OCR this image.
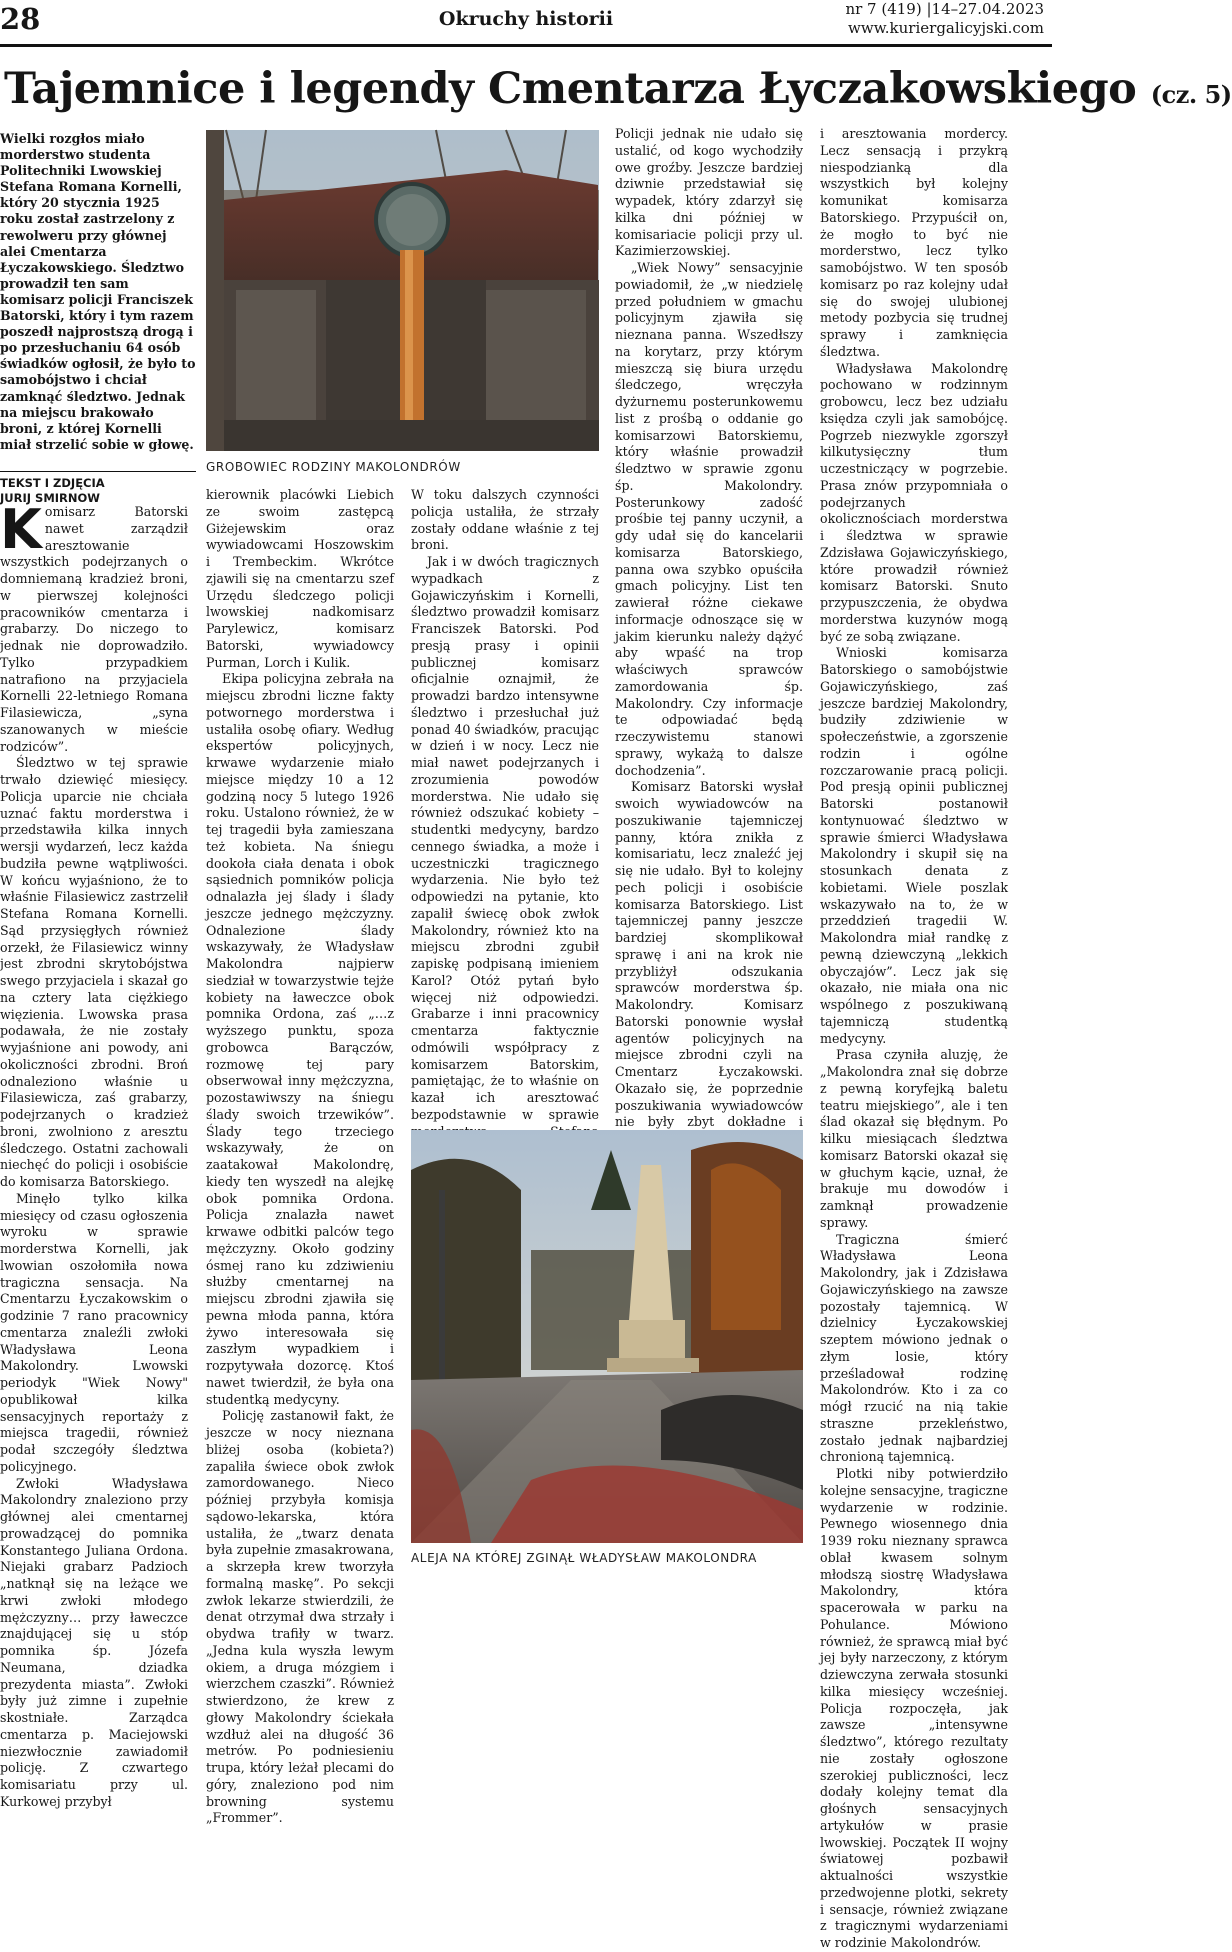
28	Okruchy historii	nr 7 (419) |14–27.04.2023
www.kuriergalicyjski.com
Tajemnice i legendy Cmentarza Łyczakowskiego (cz. 5)
Wielki rozgłos miało morderstwo studenta Politechniki Lwowskiej Stefana Romana Kornelli, który 20 stycznia 1925 roku został zastrzelony z rewolweru przy głównej alei Cmentarza Łyczakowskiego. Śledztwo prowadził ten sam komisarz policji Franciszek Batorski, który i tym razem poszedł najprostszą drogą i po przesłuchaniu 64 osób świadków ogłosił, że było to samobójstwo i chciał zamknąć śledztwo. Jednak na miejscu brakowało broni, z której Kornelli miał strzelić sobie w głowę.
TEKST I ZDJĘCIA
JURIJ SMIRNOW
GROBOWIEC RODZINY MAKOLONDRÓW

Komisarz Batorski nawet zarządził aresztowanie wszystkich podejrzanych o domniemaną kradzież broni, w pierwszej kolejności pracowników cmentarza i grabarzy. Do niczego to jednak nie doprowadziło. Tylko przypadkiem natrafiono na przyjaciela Kornelli 22-letniego Romana Filasiewicza, „syna szanowanych w mieście rodziców”.

Śledztwo w tej sprawie trwało dziewięć miesięcy. Policja uparcie nie chciała uznać faktu morderstwa i przedstawiła kilka innych wersji wydarzeń, lecz każda budziła pewne wątpliwości. W końcu wyjaśniono, że to właśnie Filasiewicz zastrzelił Stefana Romana Kornelli. Sąd przysięgłych również orzekł, że Filasiewicz winny jest zbrodni skrytobójstwa swego przyjaciela i skazał go na cztery lata ciężkiego więzienia. Lwowska prasa podawała, że nie zostały wyjaśnione ani powody, ani okoliczności zbrodni. Broń odnaleziono właśnie u Filasiewicza, zaś grabarzy, podejrzanych o kradzież broni, zwolniono z aresztu śledczego. Ostatni zachowali niechęć do policji i osobiście do komisarza Batorskiego.

Minęło tylko kilka miesięcy od czasu ogłoszenia wyroku w sprawie morderstwa Kornelli, jak lwowian oszołomiła nowa tragiczna sensacja. Na Cmentarzu Łyczakowskim o godzinie 7 rano pracownicy cmentarza znaleźli zwłoki Władysława Leona Makolondry. Lwowski periodyk "Wiek Nowy" opublikował kilka sensacyjnych reportaży z miejsca tragedii, również podał szczegóły śledztwa policyjnego.

Zwłoki Władysława Makolondry znaleziono przy głównej alei cmentarnej prowadzącej do pomnika Konstantego Juliana Ordona. Niejaki grabarz Padzioch „natknął się na leżące we krwi zwłoki młodego mężczyzny… przy ławeczce znajdującej się u stóp pomnika śp. Józefa Neumana, dziadka prezydenta miasta”. Zwłoki były już zimne i zupełnie skostniałe. Zarządca cmentarza p. Maciejowski niezwłocznie zawiadomił policję. Z czwartego komisariatu przy ul. Kurkowej przybył

kierownik placówki Liebich ze swoim zastępcą Giżejewskim oraz wywiadowcami Hoszowskim i Trembeckim. Wkrótce zjawili się na cmentarzu szef Urzędu śledczego policji lwowskiej nadkomisarz Parylewicz, komisarz Batorski, wywiadowcy Purman, Lorch i Kulik.

Ekipa policyjna zebrała na miejscu zbrodni liczne fakty potwornego morderstwa i ustaliła osobę ofiary. Według ekspertów policyjnych, krwawe wydarzenie miało miejsce między 10 a 12 godziną nocy 5 lutego 1926 roku. Ustalono również, że w tej tragedii była zamieszana też kobieta. Na śniegu dookoła ciała denata i obok sąsiednich pomników policja odnalazła jej ślady i ślady jeszcze jednego mężczyzny. Odnalezione ślady wskazywały, że Władysław Makolondra najpierw siedział w towarzystwie tejże kobiety na ławeczce obok pomnika Ordona, zaś „…z wyższego punktu, spoza grobowca Barączów, rozmowę tej pary obserwował inny mężczyzna, pozostawiwszy na śniegu ślady swoich trzewików”. Ślady tego trzeciego wskazywały, że on zaatakował Makolondrę, kiedy ten wyszedł na alejkę obok pomnika Ordona. Policja znalazła nawet krwawe odbitki palców tego mężczyzny. Około godziny ósmej rano ku zdziwieniu służby cmentarnej na miejscu zbrodni zjawiła się pewna młoda panna, która żywo interesowała się zaszłym wypadkiem i rozpytywała dozorcę. Ktoś nawet twierdził, że była ona studentką medycyny.

Policję zastanowił fakt, że jeszcze w nocy nieznana bliżej osoba (kobieta?) zapaliła świece obok zwłok zamordowanego. Nieco później przybyła komisja sądowo-lekarska, która ustaliła, że „twarz denata była zupełnie zmasakrowana, a skrzepła krew tworzyła formalną maskę”. Po sekcji zwłok lekarze stwierdzili, że denat otrzymał dwa strzały i obydwa trafiły w twarz. „Jedna kula wyszła lewym okiem, a druga mózgiem i wierzchem czaszki”. Również stwierdzono, że krew z głowy Makolondry ściekała wzdłuż alei na długość 36 metrów. Po podniesieniu trupa, który leżał plecami do góry, znaleziono pod nim browning systemu „Frommer”.

W toku dalszych czynności policja ustaliła, że strzały zostały oddane właśnie z tej broni.

Jak i w dwóch tragicznych wypadkach z Gojawiczyńskim i Kornelli, śledztwo prowadził komisarz Franciszek Batorski. Pod presją prasy i opinii publicznej komisarz oficjalnie oznajmił, że prowadzi bardzo intensywne śledztwo i przesłuchał już ponad 40 świadków, pracując w dzień i w nocy. Lecz nie miał nawet podejrzanych i zrozumienia powodów morderstwa. Nie udało się również odszukać kobiety – studentki medycyny, bardzo cennego świadka, a może i uczestniczki tragicznego wydarzenia. Nie było też odpowiedzi na pytanie, kto zapalił świecę obok zwłok Makolondry, również kto na miejscu zbrodni zgubił zapiskę podpisaną imieniem Karol? Otóż pytań było więcej niż odpowiedzi. Grabarze i inni pracownicy cmentarza faktycznie odmówili współpracy z komisarzem Batorskim, pamiętając, że to właśnie on kazał ich aresztować bezpodstawnie w sprawie

Policji jednak nie udało się ustalić, od kogo wychodziły owe groźby. Jeszcze bardziej dziwnie przedstawiał się wypadek, który zdarzył się kilka dni później w komisariacie policji przy ul. Kazimierzowskiej.

„Wiek Nowy” sensacyjnie powiadomił, że „w niedzielę przed południem w gmachu policyjnym zjawiła się nieznana panna. Wszedłszy na korytarz, przy którym mieszczą się biura urzędu śledczego, wręczyła dyżurnemu posterunkowemu list z prośbą o oddanie go komisarzowi Batorskiemu, który właśnie prowadził śledztwo w sprawie zgonu śp. Makolondry. Posterunkowy zadość prośbie tej panny uczynił, a gdy udał się do kancelarii komisarza Batorskiego, panna owa szybko opuściła gmach policyjny. List ten zawierał różne ciekawe informacje odnoszące się w jakim kierunku należy dążyć aby wpaść na trop właściwych sprawców zamordowania śp. Makolondry. Czy informacje te odpowiadać będą rzeczywistemu stanowi sprawy, wykażą to dalsze dochodzenia”.

Komisarz Batorski wysłał swoich wywiadowców na poszukiwanie tajemniczej panny, która znikła z komisariatu, lecz znaleźć jej się nie udało. Był to kolejny pech policji i osobiście komisarza Batorskiego. List tajemniczej panny jeszcze bardziej skomplikował sprawę i ani na krok nie przybliżył odszukania sprawców morderstwa śp. Makolondry. Komisarz Batorski ponownie wysłał agentów policyjnych na miejsce zbrodni czyli na Cmentarz Łyczakowski. Okazało się, że poprzednie poszukiwania wywiadowców nie były zbyt dokładne i

ALEJA NA KTÓREJ ZGINĄŁ WŁADYSŁAW MAKOLONDRA

i aresztowania mordercy. Lecz sensacją i przykrą niespodzianką dla wszystkich był kolejny komunikat komisarza Batorskiego. Przypuścił on, że mogło to być nie morderstwo, lecz tylko samobójstwo. W ten sposób komisarz po raz kolejny udał się do swojej ulubionej metody pozbycia się trudnej sprawy i zamknięcia śledztwa.

Władysława Makolondrę pochowano w rodzinnym grobowcu, lecz bez udziału księdza czyli jak samobójcę. Pogrzeb niezwykle zgorszył kilkutysięczny tłum uczestniczący w pogrzebie. Prasa znów przypomniała o podejrzanych okolicznościach morderstwa i śledztwa w sprawie Zdzisława Gojawiczyńskiego, które prowadził również komisarz Batorski. Snuto przypuszczenia, że obydwa morderstwa kuzynów mogą być ze sobą związane.

Wnioski komisarza Batorskiego o samobójstwie Gojawiczyńskiego, zaś jeszcze bardziej Makolondry, budziły zdziwienie w społeczeństwie, a zgorszenie rodzin i ogólne rozczarowanie pracą policji. Pod presją opinii publicznej Batorski postanowił kontynuować śledztwo w sprawie śmierci Władysława Makolondry i skupił się na stosunkach denata z kobietami. Wiele poszlak wskazywało na to, że w przeddzień tragedii W. Makolondra miał randkę z pewną dziewczyną „lekkich obyczajów”. Lecz jak się okazało, nie miała ona nic wspólnego z poszukiwaną tajemniczą studentką medycyny.

Prasa czyniła aluzję, że „Makolondra znał się dobrze z pewną koryfejką baletu teatru miejskiego”, ale i ten ślad okazał się błędnym. Po kilku miesiącach śledztwa komisarz Batorski okazał się w głuchym kącie, uznał, że brakuje mu dowodów i zamknął prowadzenie sprawy.

Tragiczna śmierć Władysława Leona Makolondry, jak i Zdzisława Gojawiczyńskiego na zawsze pozostały tajemnicą. W dzielnicy Łyczakowskiej szeptem mówiono jednak o złym losie, który prześladował rodzinę Makolondrów. Kto i za co mógł rzucić na nią takie straszne przekleństwo, zostało jednak najbardziej chronioną tajemnicą.

Plotki niby potwierdziło kolejne sensacyjne, tragiczne wydarzenie w rodzinie. Pewnego wiosennego dnia 1939 roku nieznany sprawca oblał kwasem solnym młodszą siostrę Władysława Makolondry, która spacerowała w parku na Pohulance. Mówiono również, że sprawcą miał być jej były narzeczony, z którym dziewczyna zerwała stosunki kilka miesięcy wcześniej. Policja rozpoczęła, jak zawsze „intensywne śledztwo”, którego rezultaty nie zostały ogłoszone szerokiej publiczności, lecz dodały kolejny temat dla głośnych sensacyjnych artykułów w prasie lwowskiej. Początek II wojny światowej pozbawił aktualności wszystkie przedwojenne plotki, sekrety i sensacje, również związane z tragicznymi wydarzeniami w rodzinie Makolondrów.
